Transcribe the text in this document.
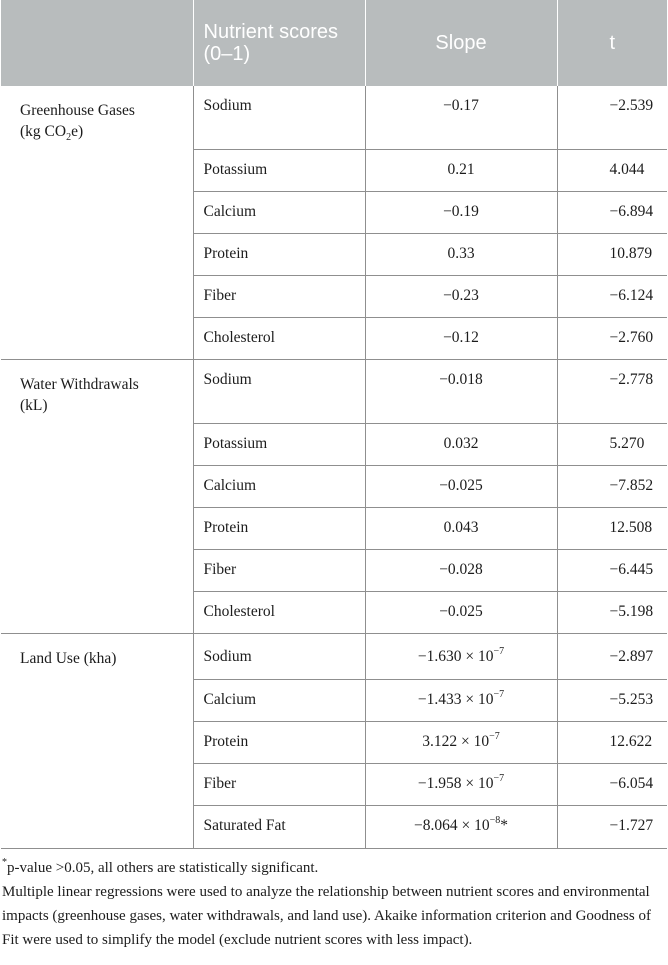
	Nutrient scores (0–1)	Slope	t

Greenhouse Gases
(kg $CO_2e$)	Sodium	−0.17	−2.539

	Potassium	0.21	4.044

	Calcium	−0.19	−6.894

	Protein	0.33	10.879

	Fiber	−0.23	−6.124

	Cholesterol	−0.12	−2.760

Water Withdrawals
(kL)	Sodium	−0.018	−2.778

	Potassium	0.032	5.270

	Calcium	−0.025	−7.852

	Protein	0.043	12.508

	Fiber	−0.028	−6.445

	Cholesterol	−0.025	−5.198

Land Use (kha)	Sodium	$-1.630 \times 10^{-7}$	−2.897

	Calcium	$-1.433 \times 10^{-7}$	−5.253

	Protein	$3.122 \times 10^{-7}$	12.622

	Fiber	$-1.958 \times 10^{-7}$	−6.054

	Saturated Fat	$-8.064 \times 10^{-8}*$	−1.727

*p-value >0.05, all others are statistically significant.

Multiple linear regressions were used to analyze the relationship between nutrient scores and environmental impacts (greenhouse gases, water withdrawals, and land use). Akaike information criterion and Goodness of Fit were used to simplify the model (exclude nutrient scores with less impact).
